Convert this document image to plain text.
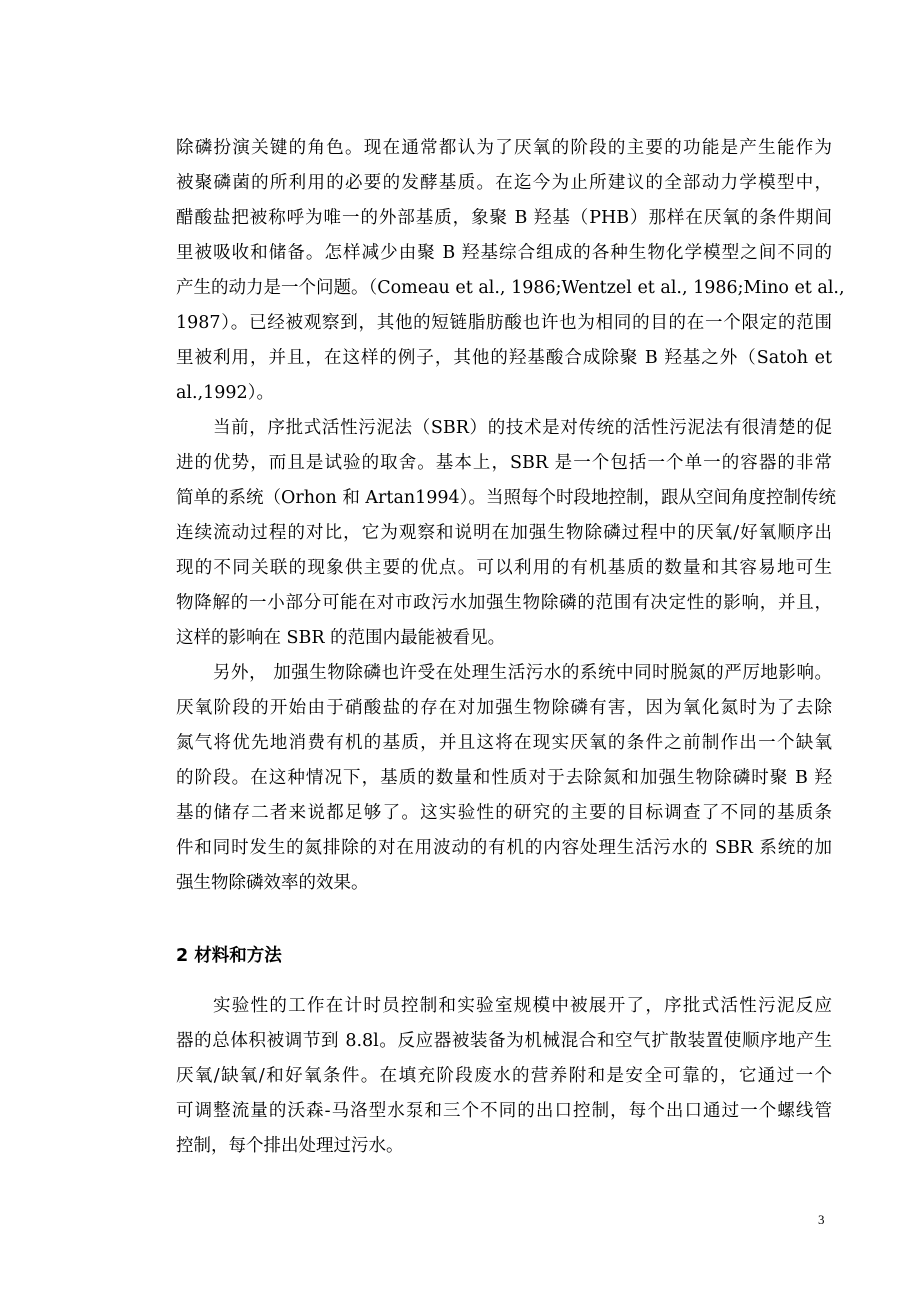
除磷扮演关键的角色。现在通常都认为了厌氧的阶段的主要的功能是产生能作为
被聚磷菌的所利用的必要的发酵基质。在迄今为止所建议的全部动力学模型中，
醋酸盐把被称呼为唯一的外部基质，象聚 B 羟基（PHB）那样在厌氧的条件期间
里被吸收和储备。怎样减少由聚 B 羟基综合组成的各种生物化学模型之间不同的
产生的动力是一个问题。（Comeau et al., 1986;Wentzel et al., 1986;Mino et al.,
1987）。已经被观察到，其他的短链脂肪酸也许也为相同的目的在一个限定的范围
里被利用，并且，在这样的例子，其他的羟基酸合成除聚 B 羟基之外（Satoh et
al.,1992）。
当前，序批式活性污泥法（SBR）的技术是对传统的活性污泥法有很清楚的促
进的优势，而且是试验的取舍。基本上，SBR 是一个包括一个单一的容器的非常
简单的系统（Orhon 和 Artan1994）。当照每个时段地控制，跟从空间角度控制传统
连续流动过程的对比，它为观察和说明在加强生物除磷过程中的厌氧/好氧顺序出
现的不同关联的现象供主要的优点。可以利用的有机基质的数量和其容易地可生
物降解的一小部分可能在对市政污水加强生物除磷的范围有决定性的影响，并且，
这样的影响在 SBR 的范围内最能被看见。
另外， 加强生物除磷也许受在处理生活污水的系统中同时脱氮的严厉地影响。
厌氧阶段的开始由于硝酸盐的存在对加强生物除磷有害，因为氧化氮时为了去除
氮气将优先地消费有机的基质，并且这将在现实厌氧的条件之前制作出一个缺氧
的阶段。在这种情况下，基质的数量和性质对于去除氮和加强生物除磷时聚 B 羟
基的储存二者来说都足够了。这实验性的研究的主要的目标调查了不同的基质条
件和同时发生的氮排除的对在用波动的有机的内容处理生活污水的 SBR 系统的加
强生物除磷效率的效果。
2 材料和方法
实验性的工作在计时员控制和实验室规模中被展开了，序批式活性污泥反应
器的总体积被调节到 8.8l。反应器被装备为机械混合和空气扩散装置使顺序地产生
厌氧/缺氧/和好氧条件。在填充阶段废水的营养附和是安全可靠的，它通过一个
可调整流量的沃森-马洛型水泵和三个不同的出口控制，每个出口通过一个螺线管
控制，每个排出处理过污水。
3
